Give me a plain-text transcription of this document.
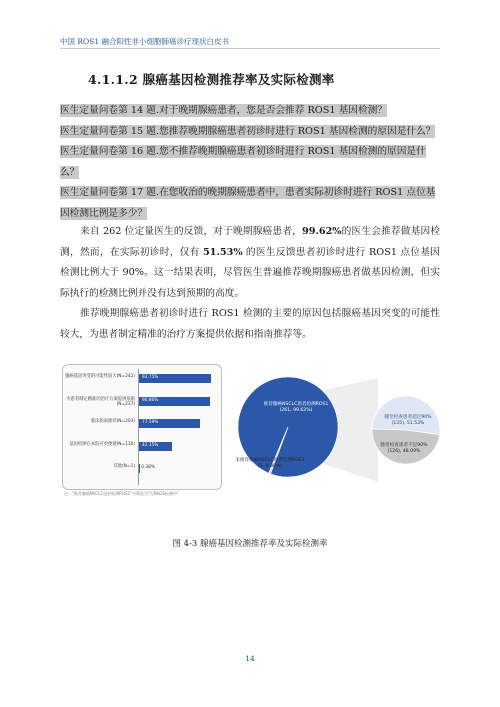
中国 ROS1 融合阳性非小细胞肺癌诊疗现状白皮书
4.1.1.2 腺癌基因检测推荐率及实际检测率
医生定量问卷第 14 题.对于晚期腺癌患者，您是否会推荐 ROS1 基因检测？
医生定量问卷第 15 题.您推荐晚期腺癌患者初诊时进行 ROS1 基因检测的原因是什么？
医生定量问卷第 16 题.您不推荐晚期腺癌患者初诊时进行 ROS1 基因检测的原因是什
么？
医生定量问卷第 17 题.在您收治的晚期腺癌患者中，患者实际初诊时进行 ROS1 点位基
因检测比例是多少？
来自 262 位定量医生的反馈，对于晚期腺癌患者，99.62%的医生会推荐做基因检测，然而，在实际初诊时，仅有 51.53% 的医生反馈患者初诊时进行 ROS1 点位基因检测比例大于 90%。这一结果表明，尽管医生普遍推荐晚期腺癌患者做基因检测，但实际执行的检测比例并没有达到预期的高度。
推荐晚期腺癌患者初诊时进行 ROS1 检测的主要的原因包括腺癌基因突变的可能性较大，为患者制定精准的治疗方案提供依据和指南推荐等。
腺癌基因突变的可能性较大(N=242) 92.75%
为患者制定精准的治疗方案提供依据(N=237)
90.80%
临床指南推荐(N=203) 77.59%
基因检测在本院可更便捷(N=110) 42.15%
其他(N=1) 0.38%
注："推荐腺癌NSCLC患者检测ROS1"中筛选为"在NSGS检测中"
推荐腺癌NSCLC患者检测ROS1 (261, 99.62%)
未推荐腺癌NSCLC患者检测ROS1 (1, 0.38%)
随堂检查患者超过90% (135), 51.53%
随堂检查患者不足90% (126), 48.09%
图 4-3 腺癌基因检测推荐率及实际检测率
14
